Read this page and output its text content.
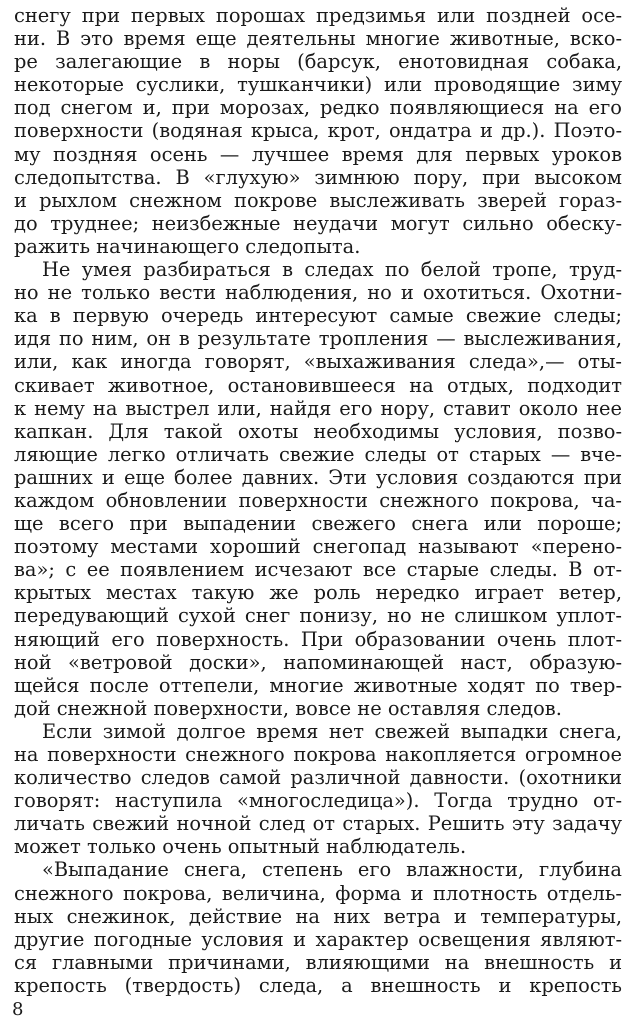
снегу при первых порошах предзимья или поздней осе-
ни. В это время еще деятельны многие животные, вско-
ре залегающие в норы (барсук, енотовидная собака,
некоторые суслики, тушканчики) или проводящие зиму
под снегом и, при морозах, редко появляющиеся на его
поверхности (водяная крыса, крот, ондатра и др.). Поэто-
му поздняя осень — лучшее время для первых уроков
следопытства. В «глухую» зимнюю пору, при высоком
и рыхлом снежном покрове выслеживать зверей гораз-
до труднее; неизбежные неудачи могут сильно обеску-
ражить начинающего следопыта.
Не умея разбираться в следах по белой тропе, труд-
но не только вести наблюдения, но и охотиться. Охотни-
ка в первую очередь интересуют самые свежие следы;
идя по ним, он в результате тропления — выслеживания,
или, как иногда говорят, «выхаживания следа»,— оты-
скивает животное, остановившееся на отдых, подходит
к нему на выстрел или, найдя его нору, ставит около нее
капкан. Для такой охоты необходимы условия, позво-
ляющие легко отличать свежие следы от старых — вче-
рашних и еще более давних. Эти условия создаются при
каждом обновлении поверхности снежного покрова, ча-
ще всего при выпадении свежего снега или пороше;
поэтому местами хороший снегопад называют «перено-
ва»; с ее появлением исчезают все старые следы. В от-
крытых местах такую же роль нередко играет ветер,
передувающий сухой снег понизу, но не слишком уплот-
няющий его поверхность. При образовании очень плот-
ной «ветровой доски», напоминающей наст, образую-
щейся после оттепели, многие животные ходят по твер-
дой снежной поверхности, вовсе не оставляя следов.
Если зимой долгое время нет свежей выпадки снега,
на поверхности снежного покрова накопляется огромное
количество следов самой различной давности. (охотники
говорят: наступила «многоследица»). Тогда трудно от-
личать свежий ночной след от старых. Решить эту задачу
может только очень опытный наблюдатель.
«Выпадание снега, степень его влажности, глубина
снежного покрова, величина, форма и плотность отдель-
ных снежинок, действие на них ветра и температуры,
другие погодные условия и характер освещения являют-
ся главными причинами, влияющими на внешность и
крепость (твердость) следа, а внешность и крепость
8
